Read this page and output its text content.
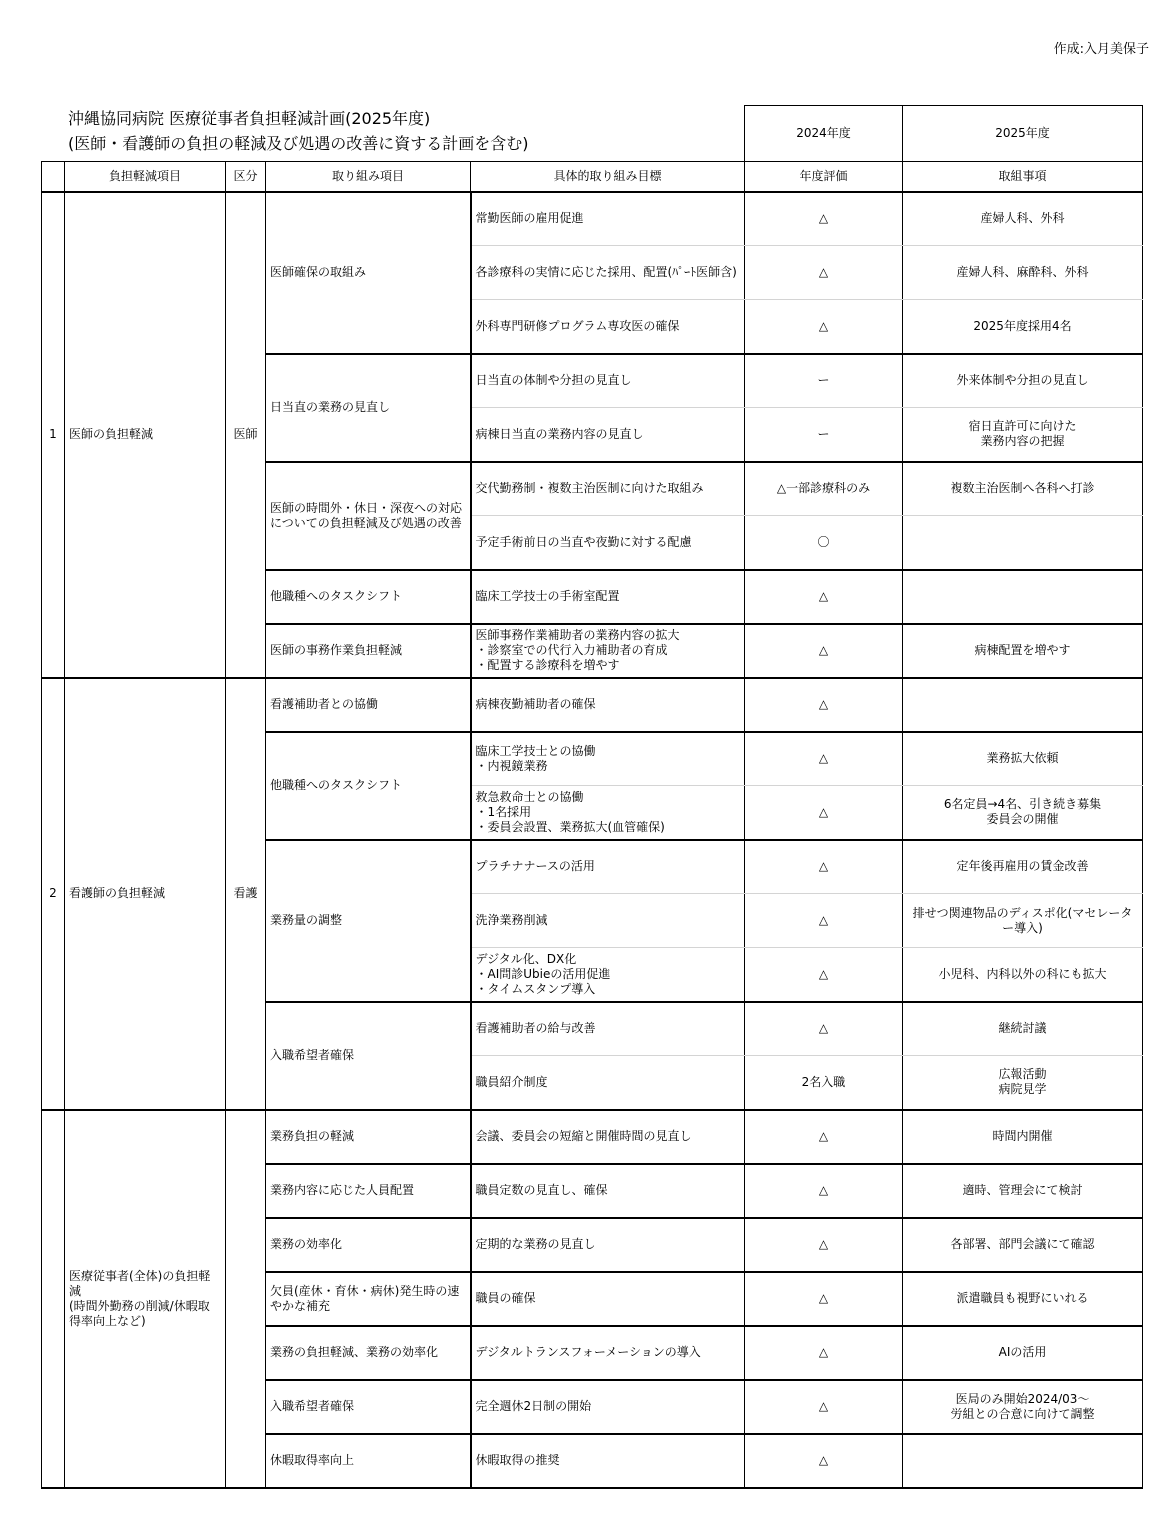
作成:入月美保子
沖縄協同病院 医療従事者負担軽減計画(2025年度)
(医師・看護師の負担の軽減及び処遇の改善に資する計画を含む)
					2024年度	2025年度
	負担軽減項目	区分	取り組み項目	具体的取り組み目標	年度評価	取組事項
1	医師の負担軽減	医師	医師確保の取組み	常勤医師の雇用促進	△	産婦人科、外科
				各診療科の実情に応じた採用、配置(ﾊﾟｰﾄ医師含)	△	産婦人科、麻酔科、外科
				外科専門研修プログラム専攻医の確保	△	2025年度採用4名
			日当直の業務の見直し	日当直の体制や分担の見直し	ー	外来体制や分担の見直し
				病棟日当直の業務内容の見直し	ー	宿日直許可に向けた
業務内容の把握
			医師の時間外・休日・深夜への対応についての負担軽減及び処遇の改善	交代勤務制・複数主治医制に向けた取組み	△一部診療科のみ	複数主治医制へ各科へ打診
				予定手術前日の当直や夜勤に対する配慮	〇	
			他職種へのタスクシフト	臨床工学技士の手術室配置	△	
			医師の事務作業負担軽減	医師事務作業補助者の業務内容の拡大
・診察室での代行入力補助者の育成
・配置する診療科を増やす	△	病棟配置を増やす
2	看護師の負担軽減	看護	看護補助者との協働	病棟夜勤補助者の確保	△	
			他職種へのタスクシフト	臨床工学技士との協働
・内視鏡業務	△	業務拡大依頼
				救急救命士との協働
・1名採用
・委員会設置、業務拡大(血管確保)	△	6名定員→4名、引き続き募集
委員会の開催
			業務量の調整	プラチナナースの活用	△	定年後再雇用の賃金改善
				洗浄業務削減	△	排せつ関連物品のディスポ化(マセレーター導入)
				デジタル化、DX化
・AI問診Ubieの活用促進
・タイムスタンプ導入	△	小児科、内科以外の科にも拡大
			入職希望者確保	看護補助者の給与改善	△	継続討議
				職員紹介制度	2名入職	広報活動
病院見学
	医療従事者(全体)の負担軽減
(時間外勤務の削減/休暇取得率向上など)		業務負担の軽減	会議、委員会の短縮と開催時間の見直し	△	時間内開催
			業務内容に応じた人員配置	職員定数の見直し、確保	△	適時、管理会にて検討
			業務の効率化	定期的な業務の見直し	△	各部署、部門会議にて確認
			欠員(産休・育休・病休)発生時の速やかな補充	職員の確保	△	派遣職員も視野にいれる
			業務の負担軽減、業務の効率化	デジタルトランスフォーメーションの導入	△	AIの活用
			入職希望者確保	完全週休2日制の開始	△	医局のみ開始2024/03～
労組との合意に向けて調整
			休暇取得率向上	休暇取得の推奨	△	
